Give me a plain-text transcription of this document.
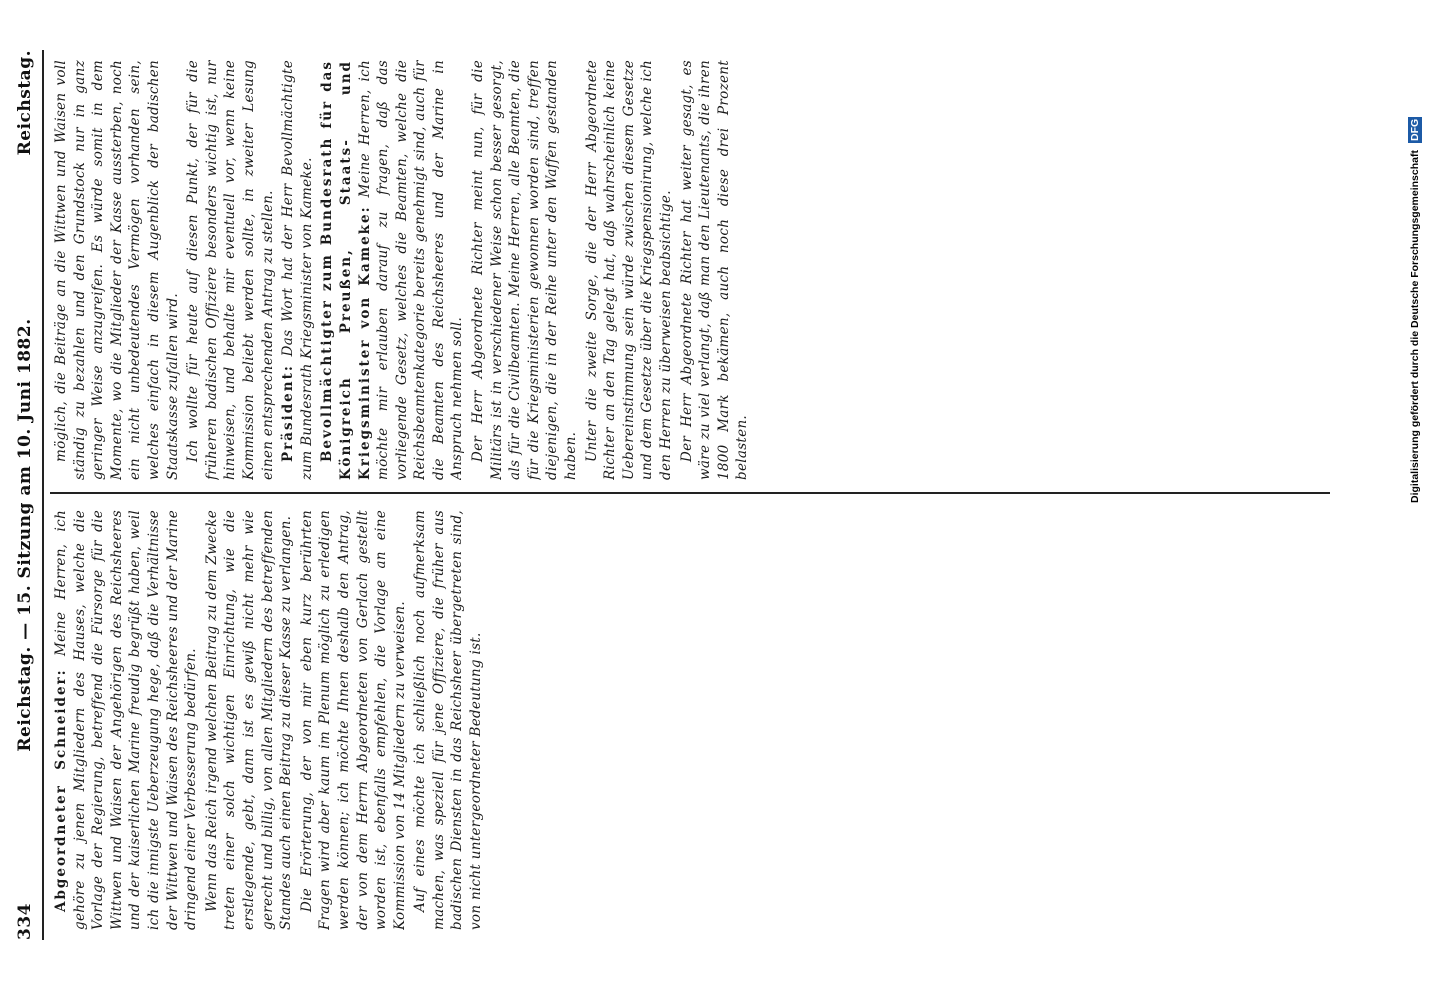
334
Reichstag. — 15. Sitzung am 10. Juni 1882.
Reichstag.

Abgeordneter Schneider: Meine Herren, ich gehöre zu jenen Mitgliedern des Hauses, welche die Vorlage der Regierung, betreffend die Fürsorge für die Wittwen und Waisen der Angehörigen des Reichsheeres und der kaiserlichen Marine freudig begrüßt haben, weil ich die innigste Ueberzeugung hege, daß die Verhältnisse der Wittwen und Waisen des Reichsheeres und der Marine dringend einer Verbesserung bedürfen. Wenn das Reich irgend welchen Beitrag zu dem Zwecke treten einer solch wichtigen Einrichtung, wie die erstlegende, gebt, dann ist es gewiß nicht mehr wie gerecht und billig, von allen Mitgliedern des betreffenden Standes auch einen Beitrag zu dieser Kasse zu verlangen. Die Erörterung, der von mir eben kurz berührten Fragen wird aber kaum im Plenum möglich zu erledigen werden können; ich möchte Ihnen deshalb den Antrag, der von dem Herrn Abgeordneten von Gerlach gestellt worden ist, ebenfalls empfehlen, die Vorlage an eine Kommission von 14 Mitgliedern zu verweisen. Auf eines möchte ich schließlich noch aufmerksam machen, was speziell für jene Offiziere, die früher aus badischen Diensten in das Reichsheer übergetreten sind, von nicht untergeordneter Bedeutung ist.

möglich, die Beiträge an die Wittwen und Waisen voll ständig zu bezahlen und den Grundstock nur in ganz geringer Weise anzugreifen. Es würde somit in dem Momente, wo die Mitglieder der Kasse aussterben, noch ein nicht unbedeutendes Vermögen vorhanden sein, welches einfach in diesem Augenblick der badischen Staatskasse zufallen wird. Ich wollte für heute auf diesen Punkt, der für die früheren badischen Offiziere besonders wichtig ist, nur hinweisen, und behalte mir eventuell vor, wenn keine Kommission beliebt werden sollte, in zweiter Lesung einen entsprechenden Antrag zu stellen. Präsident: Das Wort hat der Herr Bevollmächtigte zum Bundesrath Kriegsminister von Kameke. Bevollmächtigter zum Bundesrath für das Königreich Preußen, Staats- und Kriegsminister von Kameke: Meine Herren, ich möchte mir erlauben darauf zu fragen, daß das vorliegende Gesetz, welches die Beamten, welche die Reichsbeamtenkategorie bereits genehmigt sind, auch für die Beamten des Reichsheeres und der Marine in Anspruch nehmen soll. Der Herr Abgeordnete Richter meint nun, für die Militärs ist in verschiedener Weise schon besser gesorgt, als für die Civilbeamten. Meine Herren, alle Beamten, die für die Kriegsministerien gewonnen worden sind, treffen diejenigen, die in der Reihe unter den Waffen gestanden haben. Unter die zweite Sorge, die der Herr Abgeordnete Richter an den Tag gelegt hat, daß wahrscheinlich keine Uebereinstimmung sein würde zwischen diesem Gesetze und dem Gesetze über die Kriegspensionirung, welche ich den Herren zu überweisen beabsichtige. Der Herr Abgeordnete Richter hat weiter gesagt, es wäre zu viel verlangt, daß man den Lieutenants, die ihren 1800 Mark bekämen, auch noch diese drei Prozent belasten.	Digitalisierung gefördert durch die Deutsche Forschungsgemeinschaft DFG
